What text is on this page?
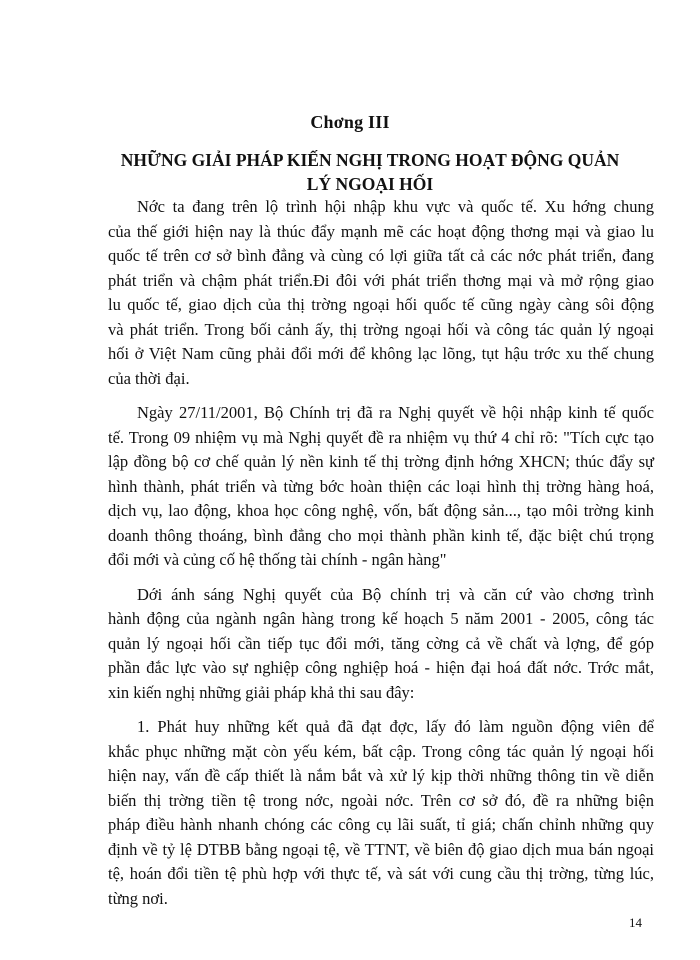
Chơng III
NHỮNG GIẢI PHÁP KIẾN NGHỊ TRONG HOẠT ĐỘNG QUẢN
LÝ NGOẠI HỐI
Nớc ta đang trên lộ trình hội nhập khu vực và quốc tế. Xu hớng chung
của thế giới hiện nay là thúc đẩy mạnh mẽ các hoạt động thơng mại và giao lu
quốc tế trên cơ sở bình đẳng và cùng có lợi giữa tất cả các nớc phát triển, đang
phát triển và chậm phát triển.Đi đôi với phát triển thơng mại và mở rộng giao
lu quốc tế, giao dịch của thị trờng ngoại hối quốc tế cũng ngày càng sôi động
và phát triển. Trong bối cảnh ấy, thị trờng ngoại hối và công tác quản lý ngoại
hối ở Việt Nam cũng phải đổi mới để không lạc lõng, tụt hậu trớc xu thế chung
của thời đại.
Ngày 27/11/2001, Bộ Chính trị đã ra Nghị quyết về hội nhập kinh tế quốc
tế. Trong 09 nhiệm vụ mà Nghị quyết đề ra nhiệm vụ thứ 4 chỉ rõ: "Tích cực tạo
lập đồng bộ cơ chế quản lý nền kinh tế thị trờng định hớng XHCN; thúc đẩy sự
hình thành, phát triển và từng bớc hoàn thiện các loại hình thị trờng hàng hoá,
dịch vụ, lao động, khoa học công nghệ, vốn, bất động sản..., tạo môi trờng kinh
doanh thông thoáng, bình đẳng cho mọi thành phần kinh tế, đặc biệt chú trọng
đổi mới và củng cố hệ thống tài chính - ngân hàng"
Dới ánh sáng Nghị quyết của Bộ chính trị và căn cứ vào chơng trình
hành động của ngành ngân hàng trong kế hoạch 5 năm 2001 - 2005, công tác
quản lý ngoại hối cần tiếp tục đổi mới, tăng cờng cả về chất và lợng, để góp
phần đắc lực vào sự nghiệp công nghiệp hoá - hiện đại hoá đất nớc. Trớc mắt,
xin kiến nghị những giải pháp khả thi sau đây:
1. Phát huy những kết quả đã đạt đợc, lấy đó làm nguồn động viên để
khắc phục những mặt còn yếu kém, bất cập. Trong công tác quản lý ngoại hối
hiện nay, vấn đề cấp thiết là nắm bắt và xử lý kịp thời những thông tin về diễn
biến thị trờng tiền tệ trong nớc, ngoài nớc. Trên cơ sở đó, đề ra những biện
pháp điều hành nhanh chóng các công cụ lãi suất, tỉ giá; chấn chỉnh những quy
định về tỷ lệ DTBB bằng ngoại tệ, về TTNT, về biên độ giao dịch mua bán ngoại
tệ, hoán đổi tiền tệ phù hợp với thực tế, và sát với cung cầu thị trờng, từng lúc,
từng nơi.
14
